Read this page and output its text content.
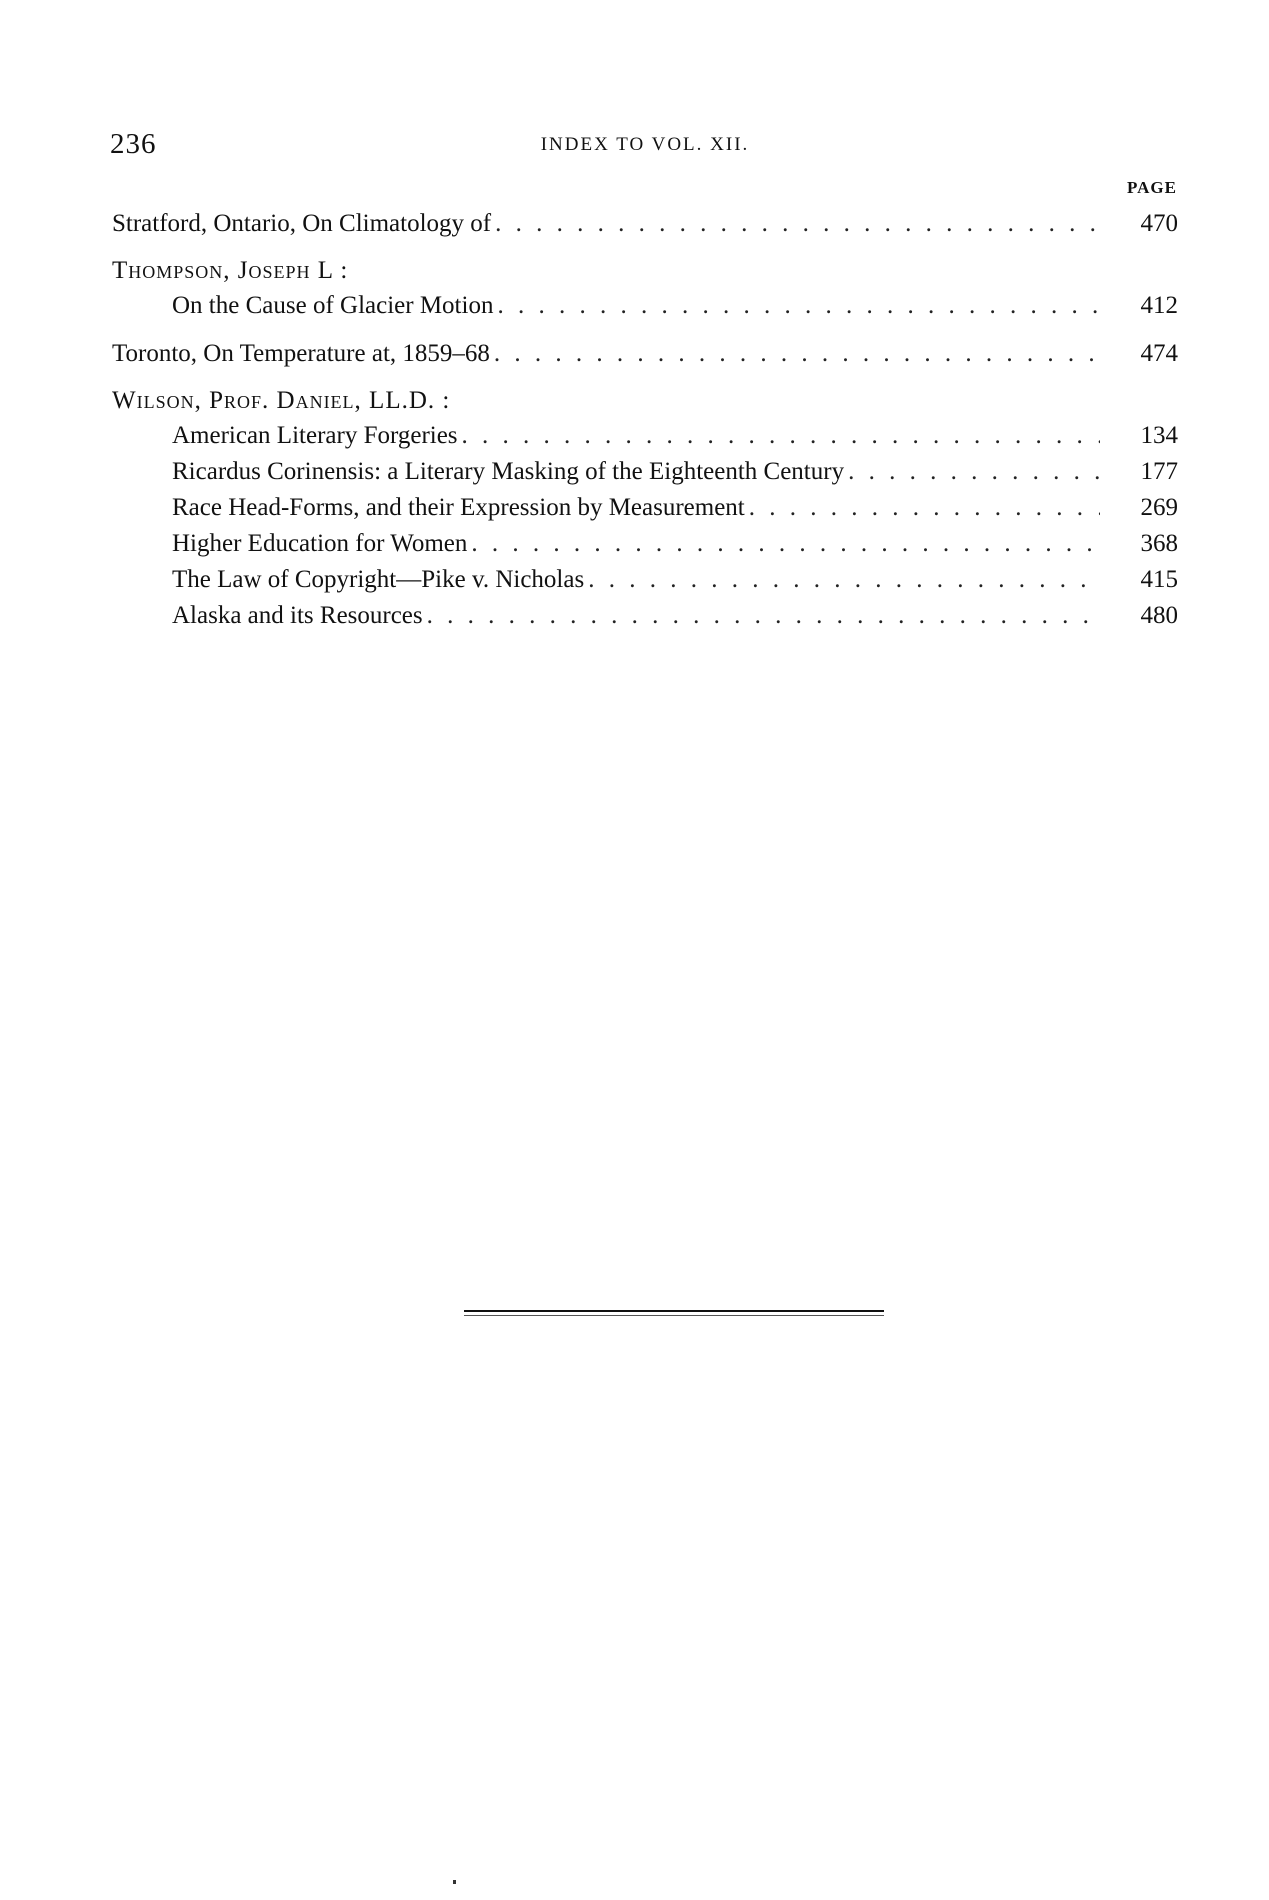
236	INDEX TO VOL. XII.
PAGE
Stratford, Ontario, On Climatology of . . .	470
Thompson, Joseph L :
On the Cause of Glacier Motion . . .	412
Toronto, On Temperature at, 1859–68 . . .	474
Wilson, Prof. Daniel, LL.D. :
American Literary Forgeries . . .	134
Ricardus Corinensis: a Literary Masking of the Eighteenth Century . . .	177
Race Head-Forms, and their Expression by Measurement . . .	269
Higher Education for Women . . .	368
The Law of Copyright—Pike v. Nicholas . . .	415
Alaska and its Resources . . .	480
